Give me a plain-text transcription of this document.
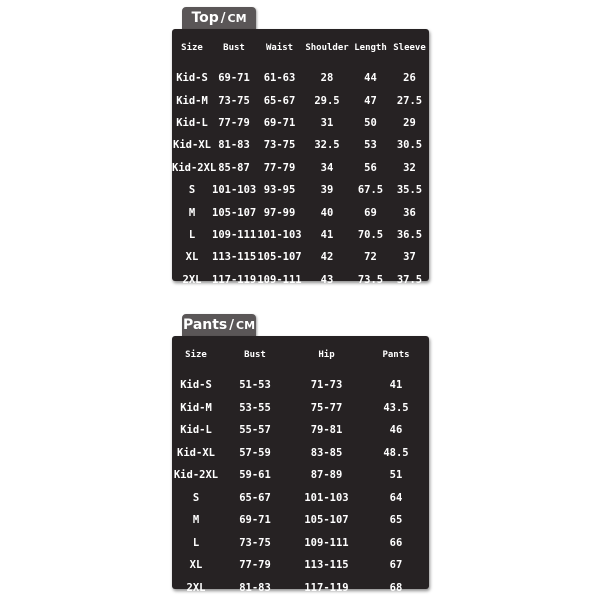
Top / CM
Size	Bust	Waist	Shoulder	Length	Sleeve
Kid-S	69-71	61-63	28	44	26
Kid-M	73-75	65-67	29.5	47	27.5
Kid-L	77-79	69-71	31	50	29
Kid-XL	81-83	73-75	32.5	53	30.5
Kid-2XL	85-87	77-79	34	56	32
S	101-103	93-95	39	67.5	35.5
M	105-107	97-99	40	69	36
L	109-111	101-103	41	70.5	36.5
XL	113-115	105-107	42	72	37
2XL	117-119	109-111	43	73.5	37.5
Pants / CM
Size	Bust	Hip	Pants
Kid-S	51-53	71-73	41
Kid-M	53-55	75-77	43.5
Kid-L	55-57	79-81	46
Kid-XL	57-59	83-85	48.5
Kid-2XL	59-61	87-89	51
S	65-67	101-103	64
M	69-71	105-107	65
L	73-75	109-111	66
XL	77-79	113-115	67
2XL	81-83	117-119	68
